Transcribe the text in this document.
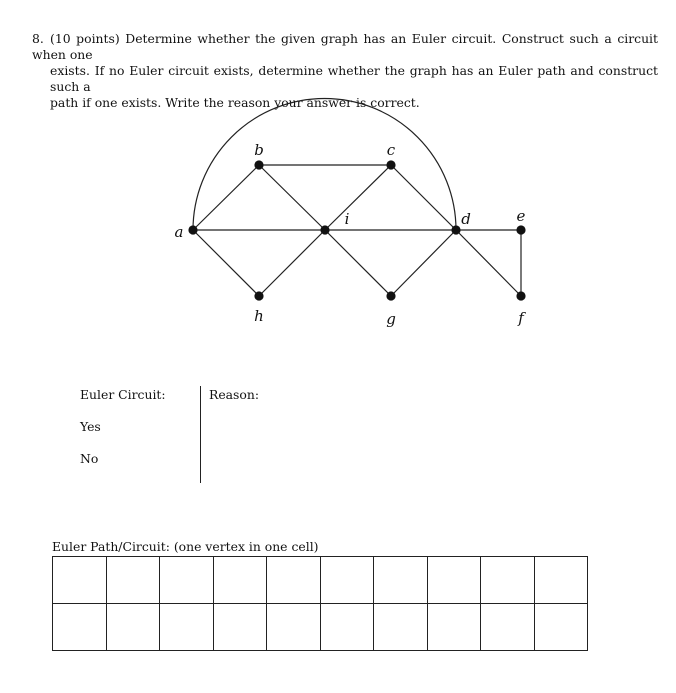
8. (10 points) Determine whether the given graph has an Euler circuit. Construct such a circuit when one
exists. If no Euler circuit exists, determine whether the graph has an Euler path and construct such a
path if one exists. Write the reason your answer is correct.
a
b	c
i	d	e
h	g	f
Euler Circuit:
Yes
No
Reason:
Euler Path/Circuit: (one vertex in one cell)
